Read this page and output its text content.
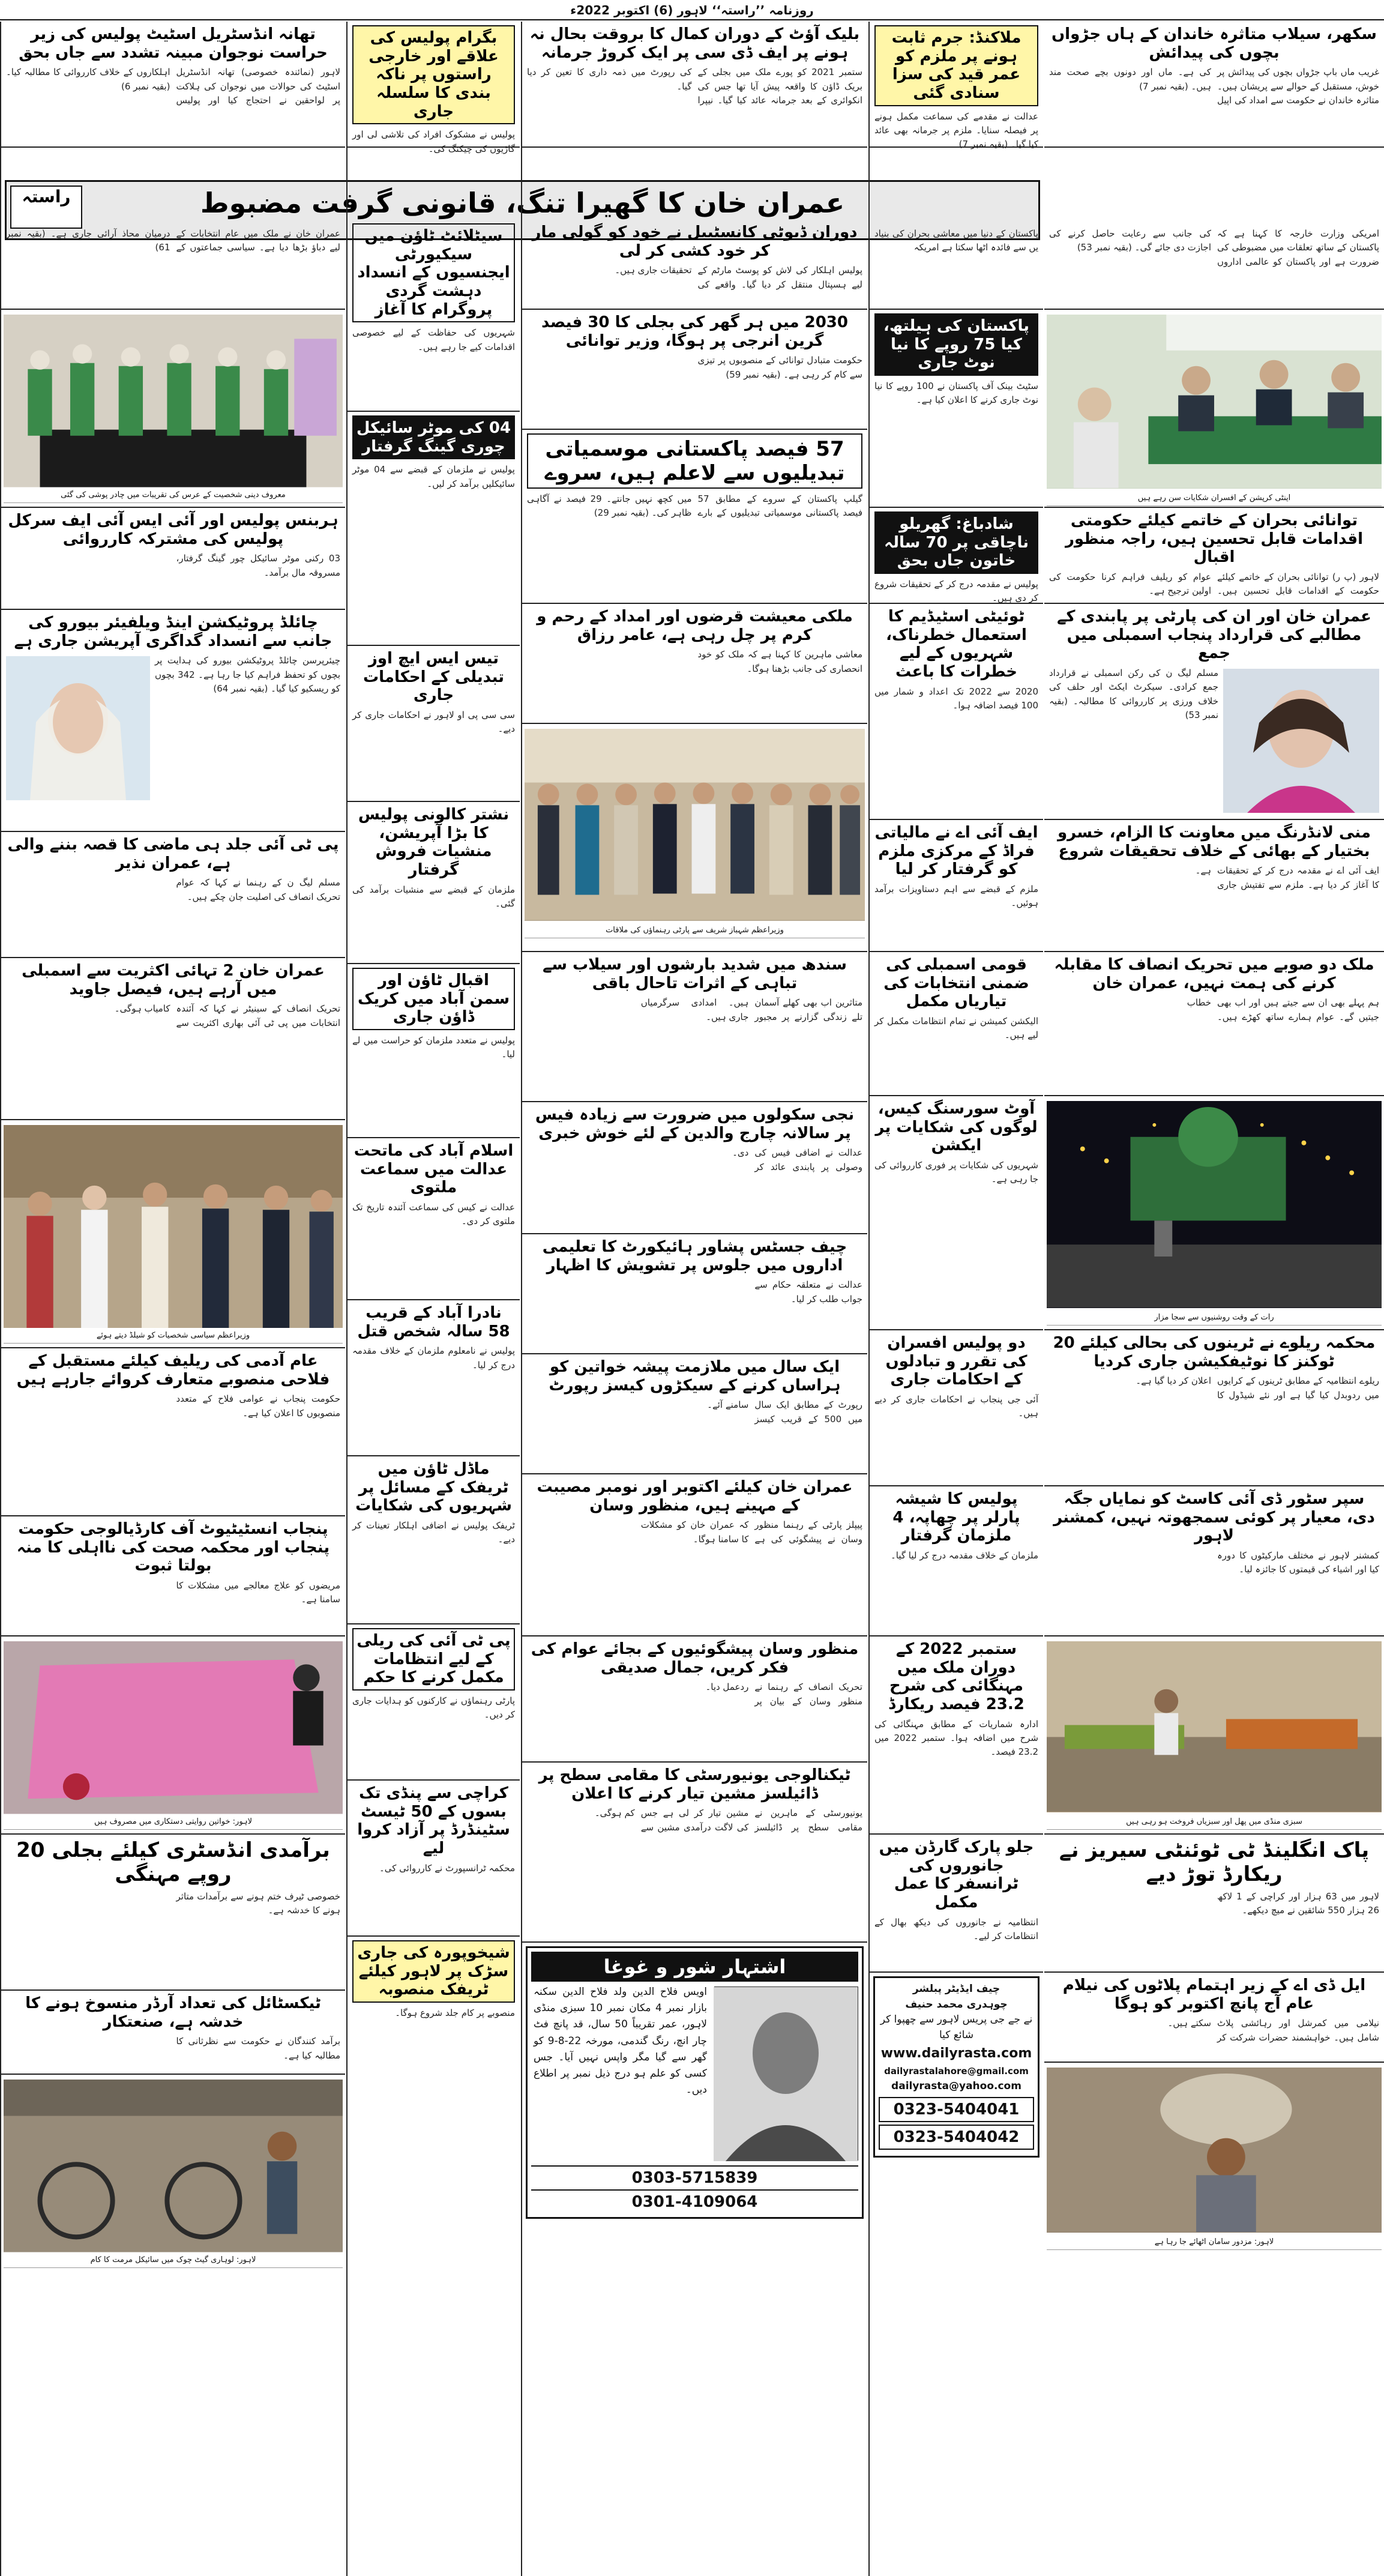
روزنامہ ’’راستہ‘‘ لاہور (6) اکتوبر 2022ء
سکھر، سیلاب متاثرہ خاندان کے ہاں جڑواں بچوں کی پیدائش
غریب ماں باپ جڑواں بچوں کی پیدائش پر خوش، مستقبل کے حوالے سے پریشان ہیں۔ متاثرہ خاندان نے حکومت سے امداد کی اپیل کی ہے۔ ماں اور دونوں بچے صحت مند ہیں۔ (بقیہ نمبر 7)
امریکی وزارت خارجہ کا کہنا ہے کہ پاکستان کے ساتھ تعلقات میں مضبوطی کی ضرورت ہے اور پاکستان کو عالمی اداروں کی جانب سے رعایت حاصل کرنے کی اجازت دی جائے گی۔ (بقیہ نمبر 53)
اینٹی کرپشن کے افسران شکایات سن رہے ہیں
توانائی بحران کے خاتمے کیلئے حکومتی اقدامات قابل تحسین ہیں، راجہ منظور اقبال
لاہور (پ ر) توانائی بحران کے خاتمے کیلئے حکومت کے اقدامات قابل تحسین ہیں۔ عوام کو ریلیف فراہم کرنا حکومت کی اولین ترجیح ہے۔
عمران خان اور ان کی پارٹی پر پابندی کے مطالبے کی قرارداد پنجاب اسمبلی میں جمع
مسلم لیگ ن کی رکن اسمبلی نے قرارداد جمع کرادی۔ سیکرٹ ایکٹ اور حلف کی خلاف ورزی پر کارروائی کا مطالبہ۔ (بقیہ نمبر 53)
منی لانڈرنگ میں معاونت کا الزام، خسرو بختیار کے بھائی کے خلاف تحقیقات شروع
ایف آئی اے نے مقدمہ درج کر کے تحقیقات کا آغاز کر دیا ہے۔ ملزم سے تفتیش جاری ہے۔
ملک دو صوبے میں تحریک انصاف کا مقابلہ کرنے کی ہمت نہیں، عمران خان
ہم پہلے بھی ان سے جیتے ہیں اور اب بھی جیتیں گے۔ عوام ہمارے ساتھ کھڑے ہیں۔ خطاب
رات کے وقت روشنیوں سے سجا مزار
محکمہ ریلوے نے ٹرینوں کی بحالی کیلئے 20 ٹوکنز کا نوٹیفکیشن جاری کردیا
ریلوے انتظامیہ کے مطابق ٹرینوں کے کرایوں میں ردوبدل کیا گیا ہے اور نئے شیڈول کا اعلان کر دیا گیا ہے۔
سپر سٹور ڈی آئی کاسٹ کو نمایاں جگہ دی، معیار پر کوئی سمجھوتہ نہیں، کمشنر لاہور
کمشنر لاہور نے مختلف مارکیٹوں کا دورہ کیا اور اشیاء کی قیمتوں کا جائزہ لیا۔
سبزی منڈی میں پھل اور سبزیاں فروخت ہو رہی ہیں
پاک انگلینڈ ٹی ٹوئنٹی سیریز نے ریکارڈ توڑ دیے
لاہور میں 63 ہزار اور کراچی کے 1 لاکھ 26 ہزار 550 شائقین نے میچ دیکھے۔
ایل ڈی اے کے زیر اہتمام پلاٹوں کی نیلام عام آج پانچ اکتوبر کو ہوگا
نیلامی میں کمرشل اور رہائشی پلاٹ شامل ہیں۔ خواہشمند حضرات شرکت کر سکتے ہیں۔
لاہور: مزدور سامان اٹھائے جا رہا ہے
راستہ	عمران خان کا گھیرا تنگ، قانونی گرفت مضبوط
ملاکنڈ: جرم ثابت ہونے پر ملزم کو عمر قید کی سزا سنادی گئی
عدالت نے مقدمے کی سماعت مکمل ہونے پر فیصلہ سنایا۔ ملزم پر جرمانہ بھی عائد کیا گیا۔ (بقیہ نمبر 7)
پاکستان کے دنیا میں معاشی بحران کی بنیاد یں سے فائدہ اٹھا سکتا ہے امریکہ
پاکستان کی ہیلتھ، کیا 75 روپے کا نیا نوٹ جاری
سٹیٹ بینک آف پاکستان نے 100 روپے کا نیا نوٹ جاری کرنے کا اعلان کیا ہے۔
شادباغ: گھریلو ناچاقی پر 70 سالہ خاتون جاں بحق
پولیس نے مقدمہ درج کر کے تحقیقات شروع کر دی ہیں۔
ٹوئیٹی اسٹیڈیم کا استعمال خطرناک، شہریوں کے لیے خطرات کا باعث
2020 سے 2022 تک اعداد و شمار میں 100 فیصد اضافہ ہوا۔
ایف آئی اے نے مالیاتی فراڈ کے مرکزی ملزم کو گرفتار کر لیا
ملزم کے قبضے سے اہم دستاویزات برآمد ہوئیں۔
قومی اسمبلی کی ضمنی انتخابات کی تیاریاں مکمل
الیکشن کمیشن نے تمام انتظامات مکمل کر لیے ہیں۔
آوٹ سورسنگ کیس، لوگوں کی شکایات پر ایکشن
شہریوں کی شکایات پر فوری کارروائی کی جا رہی ہے۔
دو پولیس افسران کی تقرر و تبادلوں کے احکامات جاری
آئی جی پنجاب نے احکامات جاری کر دیے ہیں۔
پولیس کا شیشہ پارلر پر چھاپہ، 4 ملزمان گرفتار
ملزمان کے خلاف مقدمہ درج کر لیا گیا۔
ستمبر 2022 کے دوران ملک میں مہنگائی کی شرح 23.2 فیصد ریکارڈ
ادارہ شماریات کے مطابق مہنگائی کی شرح میں اضافہ ہوا۔ ستمبر 2022 میں 23.2 فیصد۔
جلو پارک گارڈن میں جانوروں کی ٹرانسفر کا عمل مکمل
انتظامیہ نے جانوروں کی دیکھ بھال کے انتظامات کر لیے۔
چیف ایڈیٹر پبلشر
چوہدری محمد حنیف
نے جے جی پریس لاہور سے چھپوا کر شائع کیا
www.dailyrasta.com
dailyrastalahore@gmail.com
dailyrasta@yahoo.com
0323-5404041
0323-5404042
بلیک آؤٹ کے دوران کمال کا بروقت بحال نہ ہونے پر ایف ڈی سی پر ایک کروڑ جرمانہ
ستمبر 2021 کو پورے ملک میں بجلی کے بریک ڈاؤن کا واقعہ پیش آیا تھا جس کی انکوائری کے بعد جرمانہ عائد کیا گیا۔ نیپرا کی رپورٹ میں ذمہ داری کا تعین کر دیا گیا۔
دوران ڈیوٹی کانسٹیبل نے خود کو گولی مار کر خود کشی کر لی
پولیس اہلکار کی لاش کو پوسٹ مارٹم کے لیے ہسپتال منتقل کر دیا گیا۔ واقعے کی تحقیقات جاری ہیں۔
2030 میں ہر گھر کی بجلی کا 30 فیصد گرین انرجی پر ہوگا، وزیر توانائی
حکومت متبادل توانائی کے منصوبوں پر تیزی سے کام کر رہی ہے۔ (بقیہ نمبر 59)
57 فیصد پاکستانی موسمیاتی تبدیلیوں سے لاعلم ہیں، سروے
گیلپ پاکستان کے سروے کے مطابق 57 فیصد پاکستانی موسمیاتی تبدیلیوں کے بارے میں کچھ نہیں جانتے۔ 29 فیصد نے آگاہی ظاہر کی۔ (بقیہ نمبر 29)
ملکی معیشت قرضوں اور امداد کے رحم و کرم پر چل رہی ہے، عامر رزاق
معاشی ماہرین کا کہنا ہے کہ ملک کو خود انحصاری کی جانب بڑھنا ہوگا۔
وزیراعظم شہباز شریف سے پارٹی رہنماؤں کی ملاقات
سندھ میں شدید بارشوں اور سیلاب سے تباہی کے اثرات تاحال باقی
متاثرین اب بھی کھلے آسمان تلے زندگی گزارنے پر مجبور ہیں۔ امدادی سرگرمیاں جاری ہیں۔
نجی سکولوں میں ضرورت سے زیادہ فیس پر سالانہ چارج والدین کے لئے خوش خبری
عدالت نے اضافی فیس کی وصولی پر پابندی عائد کر دی۔
چیف جسٹس پشاور ہائیکورٹ کا تعلیمی اداروں میں جلوس پر تشویش کا اظہار
عدالت نے متعلقہ حکام سے جواب طلب کر لیا۔
ایک سال میں ملازمت پیشہ خواتین کو ہراساں کرنے کے سیکڑوں کیسز رپورٹ
رپورٹ کے مطابق ایک سال میں 500 کے قریب کیسز سامنے آئے۔
عمران خان کیلئے اکتوبر اور نومبر مصیبت کے مہینے ہیں، منظور وسان
پیپلز پارٹی کے رہنما منظور وسان نے پیشگوئی کی ہے کہ عمران خان کو مشکلات کا سامنا ہوگا۔
منظور وسان پیشگوئیوں کے بجائے عوام کی فکر کریں، جمال صدیقی
تحریک انصاف کے رہنما نے منظور وسان کے بیان پر ردعمل دیا۔
ٹیکنالوجی یونیورسٹی کا مقامی سطح پر ڈائیلسز مشین تیار کرنے کا اعلان
یونیورسٹی کے ماہرین نے مقامی سطح پر ڈائیلسز مشین تیار کر لی ہے جس کی لاگت درآمدی مشین سے کم ہوگی۔
اشتہار شور و غوغا
اویس فلاح الدین ولد فلاح الدین سکنہ بازار نمبر 4 مکان نمبر 10 سبزی منڈی لاہور، عمر تقریباً 50 سال، قد پانچ فٹ چار انچ، رنگ گندمی، مورخہ 22-8-9 کو گھر سے گیا مگر واپس نہیں آیا۔ جس کسی کو علم ہو درج ذیل نمبر پر اطلاع دیں۔
0303-5715839
0301-4109064
بگرام پولیس کی علاقے اور خارجی راستوں پر ناکہ بندی کا سلسلہ جاری
پولیس نے مشکوک افراد کی تلاشی لی اور گاڑیوں کی چیکنگ کی۔
سیٹلائٹ ٹاؤن میں سیکیورٹی ایجنسیوں کے انسداد دہشت گردی پروگرام کا آغاز
شہریوں کی حفاظت کے لیے خصوصی اقدامات کیے جا رہے ہیں۔
04 کی موٹر سائیکل چوری گینگ گرفتار
پولیس نے ملزمان کے قبضے سے 04 موٹر سائیکلیں برآمد کر لیں۔
تیس ایس ایچ اوز تبدیلی کے احکامات جاری
سی سی پی او لاہور نے احکامات جاری کر دیے۔
نشتر کالونی پولیس کا بڑا آپریشن، منشیات فروش گرفتار
ملزمان کے قبضے سے منشیات برآمد کی گئی۔
اقبال ٹاؤن اور سمن آباد میں کریک ڈاؤن جاری
پولیس نے متعدد ملزمان کو حراست میں لے لیا۔
اسلام آباد کی ماتحت عدالت میں سماعت ملتوی
عدالت نے کیس کی سماعت آئندہ تاریخ تک ملتوی کر دی۔
نادرا آباد کے قریب 58 سالہ شخص قتل
پولیس نے نامعلوم ملزمان کے خلاف مقدمہ درج کر لیا۔
ماڈل ٹاؤن میں ٹریفک کے مسائل پر شہریوں کی شکایات
ٹریفک پولیس نے اضافی اہلکار تعینات کر دیے۔
پی ٹی آئی کی ریلی کے لیے انتظامات مکمل کرنے کا حکم
پارٹی رہنماؤں نے کارکنوں کو ہدایات جاری کر دیں۔
کراچی سے پنڈی تک بسوں کے 50 ٹیسٹ سٹینڈرڈ پر آزاد کروا لیے
محکمہ ٹرانسپورٹ نے کارروائی کی۔
شیخوپورہ کی جاری سڑک پر لاہور کیلئے ٹریفک منصوبہ
منصوبے پر کام جلد شروع ہوگا۔
تھانہ انڈسٹریل اسٹیٹ پولیس کی زیر حراست نوجوان مبینہ تشدد سے جاں بحق
لاہور (نمائندہ خصوصی) تھانہ انڈسٹریل اسٹیٹ کی حوالات میں نوجوان کی ہلاکت پر لواحقین نے احتجاج کیا اور پولیس اہلکاروں کے خلاف کارروائی کا مطالبہ کیا۔ (بقیہ نمبر 6)
عمران خان نے ملک میں عام انتخابات کے لیے دباؤ بڑھا دیا ہے۔ سیاسی جماعتوں کے درمیان محاذ آرائی جاری ہے۔ (بقیہ نمبر 61)
معروف دینی شخصیت کے عرس کی تقریبات میں چادر پوشی کی گئی
ہربنس پولیس اور آئی ایس آئی ایف سرکل پولیس کی مشترکہ کارروائی
03 رکنی موٹر سائیکل چور گینگ گرفتار، مسروقہ مال برآمد۔
چائلڈ پروٹیکشن اینڈ ویلفیئر بیورو کی جانب سے انسداد گداگری آپریشن جاری ہے
چیئرپرسن چائلڈ پروٹیکشن بیورو کی ہدایت پر بچوں کو تحفظ فراہم کیا جا رہا ہے۔ 342 بچوں کو ریسکیو کیا گیا۔ (بقیہ نمبر 64)
پی ٹی آئی جلد ہی ماضی کا قصہ بننے والی ہے، عمران نذیر
مسلم لیگ ن کے رہنما نے کہا کہ عوام تحریک انصاف کی اصلیت جان چکے ہیں۔
عمران خان 2 تہائی اکثریت سے اسمبلی میں آرہے ہیں، فیصل جاوید
تحریک انصاف کے سینیٹر نے کہا کہ آئندہ انتخابات میں پی ٹی آئی بھاری اکثریت سے کامیاب ہوگی۔
وزیراعظم سیاسی شخصیات کو شیلڈ دیتے ہوئے
عام آدمی کی ریلیف کیلئے مستقبل کے فلاحی منصوبے متعارف کروائے جارہے ہیں
حکومت پنجاب نے عوامی فلاح کے متعدد منصوبوں کا اعلان کیا ہے۔
پنجاب انسٹیٹیوٹ آف کارڈیالوجی حکومت پنجاب اور محکمہ صحت کی نااہلی کا منہ بولتا ثبوت
مریضوں کو علاج معالجے میں مشکلات کا سامنا ہے۔
لاہور: خواتین روایتی دستکاری میں مصروف ہیں
برآمدی انڈسٹری کیلئے بجلی 20 روپے مہنگی
خصوصی ٹیرف ختم ہونے سے برآمدات متاثر ہونے کا خدشہ ہے۔
ٹیکسٹائل کی تعداد آرڈر منسوخ ہونے کا خدشہ ہے، صنعتکار
برآمد کنندگان نے حکومت سے نظرثانی کا مطالبہ کیا ہے۔
لاہور: لوہاری گیٹ چوک میں سائیکل مرمت کا کام
